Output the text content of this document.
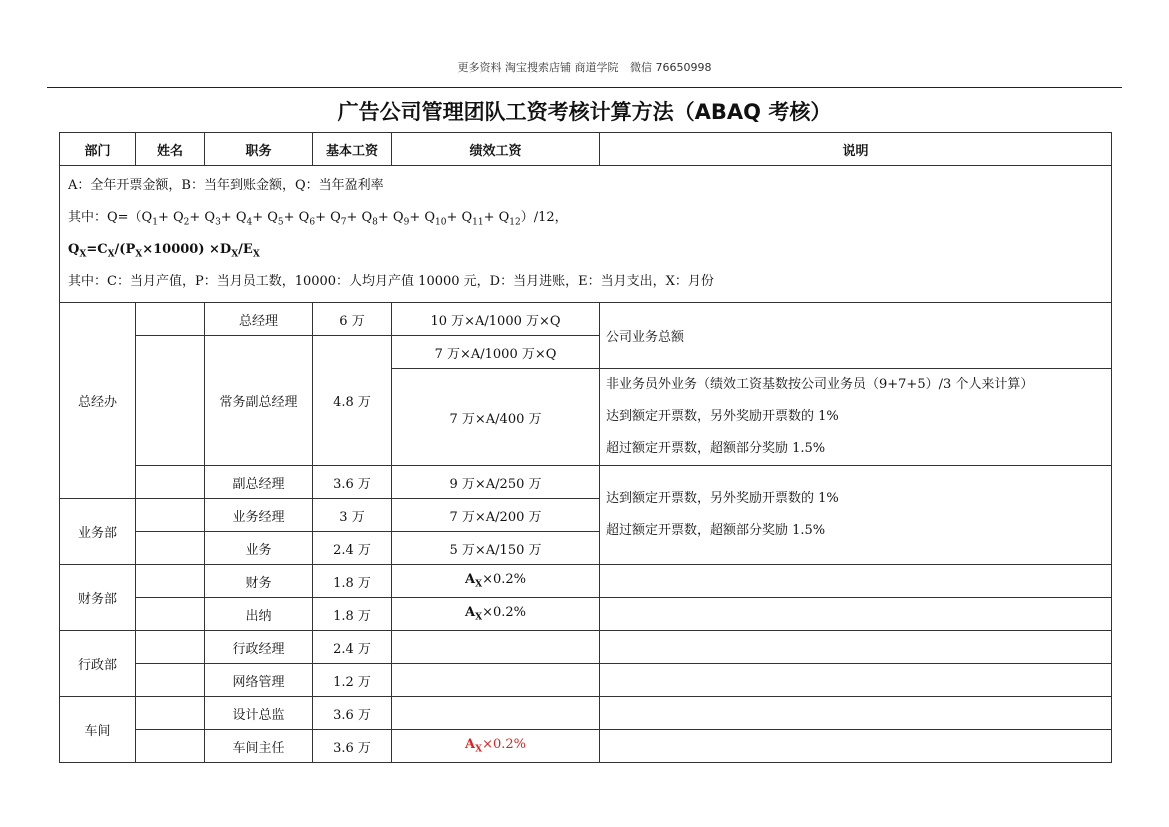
更多资料 淘宝搜索店铺 商道学院 微信 76650998
广告公司管理团队工资考核计算方法（ABAQ 考核）
部门	姓名	职务	基本工资	绩效工资	说明

A：全年开票金额，B：当年到账金额，Q：当年盈利率
其中：$Q=(Q_1+ Q_2+ Q_3+ Q_4+ Q_5+ Q_6+ Q_7+ Q_8+ Q_9+ Q_{10}+ Q_{11}+ Q_{12})/12$，
$Q_X=C_X/(P_X\times 10000) \times D_X/E_X$
其中：C：当月产值，P：当月员工数，10000：人均月产值 10000 元，D：当月进账，E：当月支出，X：月份					

总经办		总经理	6 万	10 万×A/1000 万×Q	公司业务总额
		常务副总经理	4.8 万	7 万×A/1000 万×Q	
				7 万×A/400 万	非业务员外业务（绩效工资基数按公司业务员（9+7+5）/3 个人来计算）
达到额定开票数，另外奖励开票数的 1%
超过额定开票数，超额部分奖励 1.5%

		副总经理	3.6 万	9 万×A/250 万	达到额定开票数，另外奖励开票数的 1%
超过额定开票数，超额部分奖励 1.5%

业务部		业务经理	3 万	7 万×A/200 万	
		业务	2.4 万	5 万×A/150 万	
财务部		财务	1.8 万	$A_X\times 0.2\%$	
		出纳	1.8 万	$A_X\times 0.2\%$	
行政部		行政经理	2.4 万		
		网络管理	1.2 万		
车间		设计总监	3.6 万		
		车间主任	3.6 万	$A_X\times 0.2\%$	
